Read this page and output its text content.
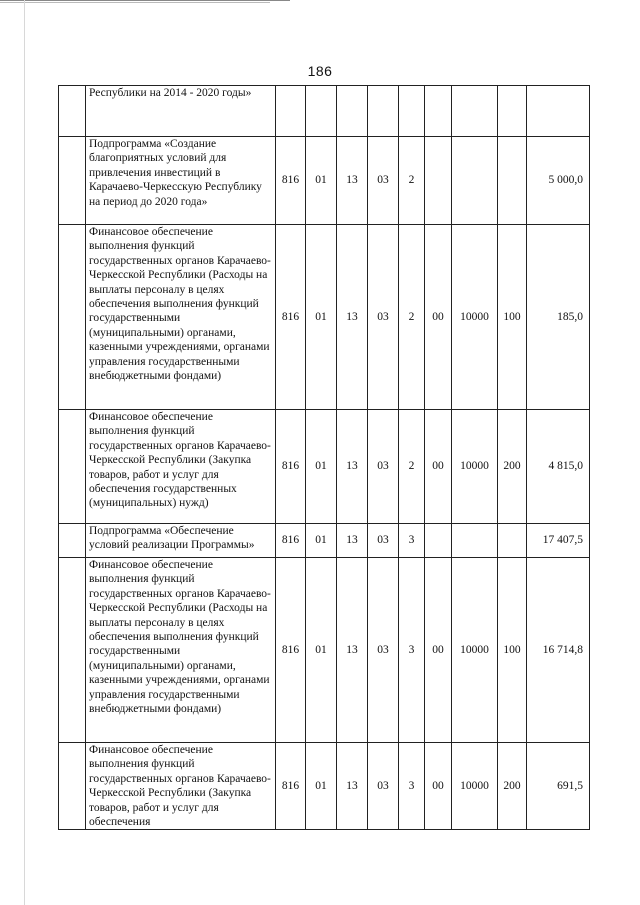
186
	Республики на 2014 - 2020 годы»									
	Подпрограмма «Создание благоприятных условий для привлечения инвестиций в Карачаево-Черкесскую Республику на период до 2020 года»	816	01	13	03	2				5 000,0
	Финансовое обеспечение выполнения функций государственных органов Карачаево-Черкесской Республики (Расходы на выплаты персоналу в целях обеспечения выполнения функций государственными (муниципальными) органами, казенными учреждениями, органами управления государственными внебюджетными фондами)	816	01	13	03	2	00	10000	100	185,0
	Финансовое обеспечение выполнения функций государственных органов Карачаево-Черкесской Республики (Закупка товаров, работ и услуг для обеспечения государственных (муниципальных) нужд)	816	01	13	03	2	00	10000	200	4 815,0
	Подпрограмма «Обеспечение условий реализации Программы»	816	01	13	03	3				17 407,5
	Финансовое обеспечение выполнения функций государственных органов Карачаево-Черкесской Республики (Расходы на выплаты персоналу в целях обеспечения выполнения функций государственными (муниципальными) органами, казенными учреждениями, органами управления государственными внебюджетными фондами)	816	01	13	03	3	00	10000	100	16 714,8
	Финансовое обеспечение выполнения функций государственных органов Карачаево-Черкесской Республики (Закупка товаров, работ и услуг для обеспечения	816	01	13	03	3	00	10000	200	691,5
